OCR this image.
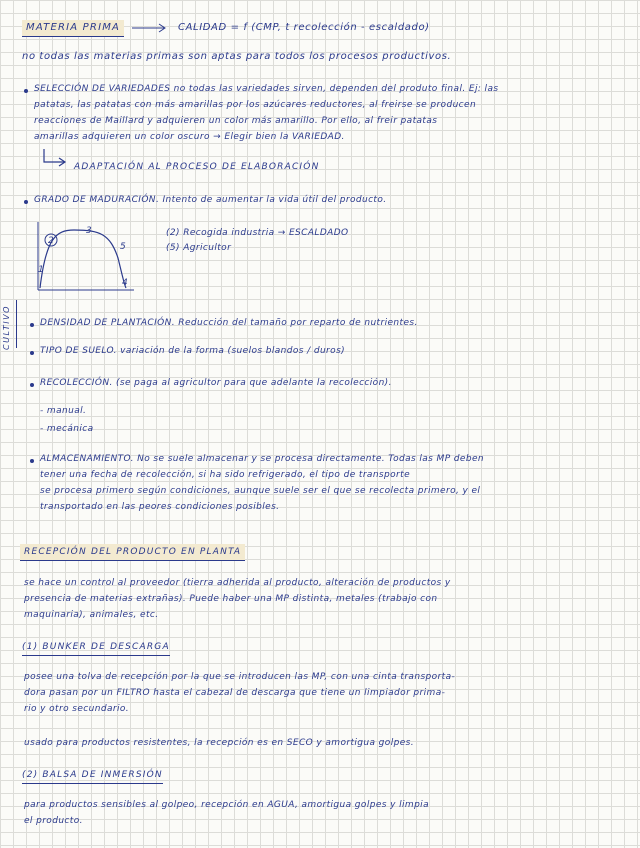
MATERIA PRIMA	CALIDAD = f (CMP, t recolección - escaldado)
no todas las materias primas son aptas para todos los procesos productivos.
SELECCIÓN DE VARIEDADES no todas las variedades sirven, dependen del produto final. Ej: las
patatas, las patatas con más amarillas por los azúcares reductores, al freirse se producen
reacciones de Maillard y adquieren un color más amarillo. Por ello, al freir patatas
amarillas adquieren un color oscuro → Elegir bien la VARIEDAD.
ADAPTACIÓN AL PROCESO DE ELABORACIÓN
GRADO DE MADURACIÓN. Intento de aumentar la vida útil del producto.
1
2
3
4
5
(2) Recogida industria → ESCALDADO
(5) Agricultor
CULTIVO	DENSIDAD DE PLANTACIÓN. Reducción del tamaño por reparto de nutrientes.
TIPO DE SUELO. variación de la forma (suelos blandos / duros)
RECOLECCIÓN. (se paga al agricultor para que adelante la recolección).
- manual.
- mecánica
ALMACENAMIENTO. No se suele almacenar y se procesa directamente. Todas las MP deben
tener una fecha de recolección, si ha sido refrigerado, el tipo de transporte
se procesa primero según condiciones, aunque suele ser el que se recolecta primero, y el
transportado en las peores condiciones posibles.
RECEPCIÓN DEL PRODUCTO EN PLANTA
se hace un control al proveedor (tierra adherida al producto, alteración de productos y
presencia de materias extrañas). Puede haber una MP distinta, metales (trabajo con
maquinaria), animales, etc.
(1) BUNKER DE DESCARGA
posee una tolva de recepción por la que se introducen las MP, con una cinta transporta-
dora pasan por un FILTRO hasta el cabezal de descarga que tiene un limpiador prima-
rio y otro secundario.
usado para productos resistentes, la recepción es en SECO y amortigua golpes.
(2) BALSA DE INMERSIÓN
para productos sensibles al golpeo, recepción en AGUA, amortigua golpes y limpia
el producto.
